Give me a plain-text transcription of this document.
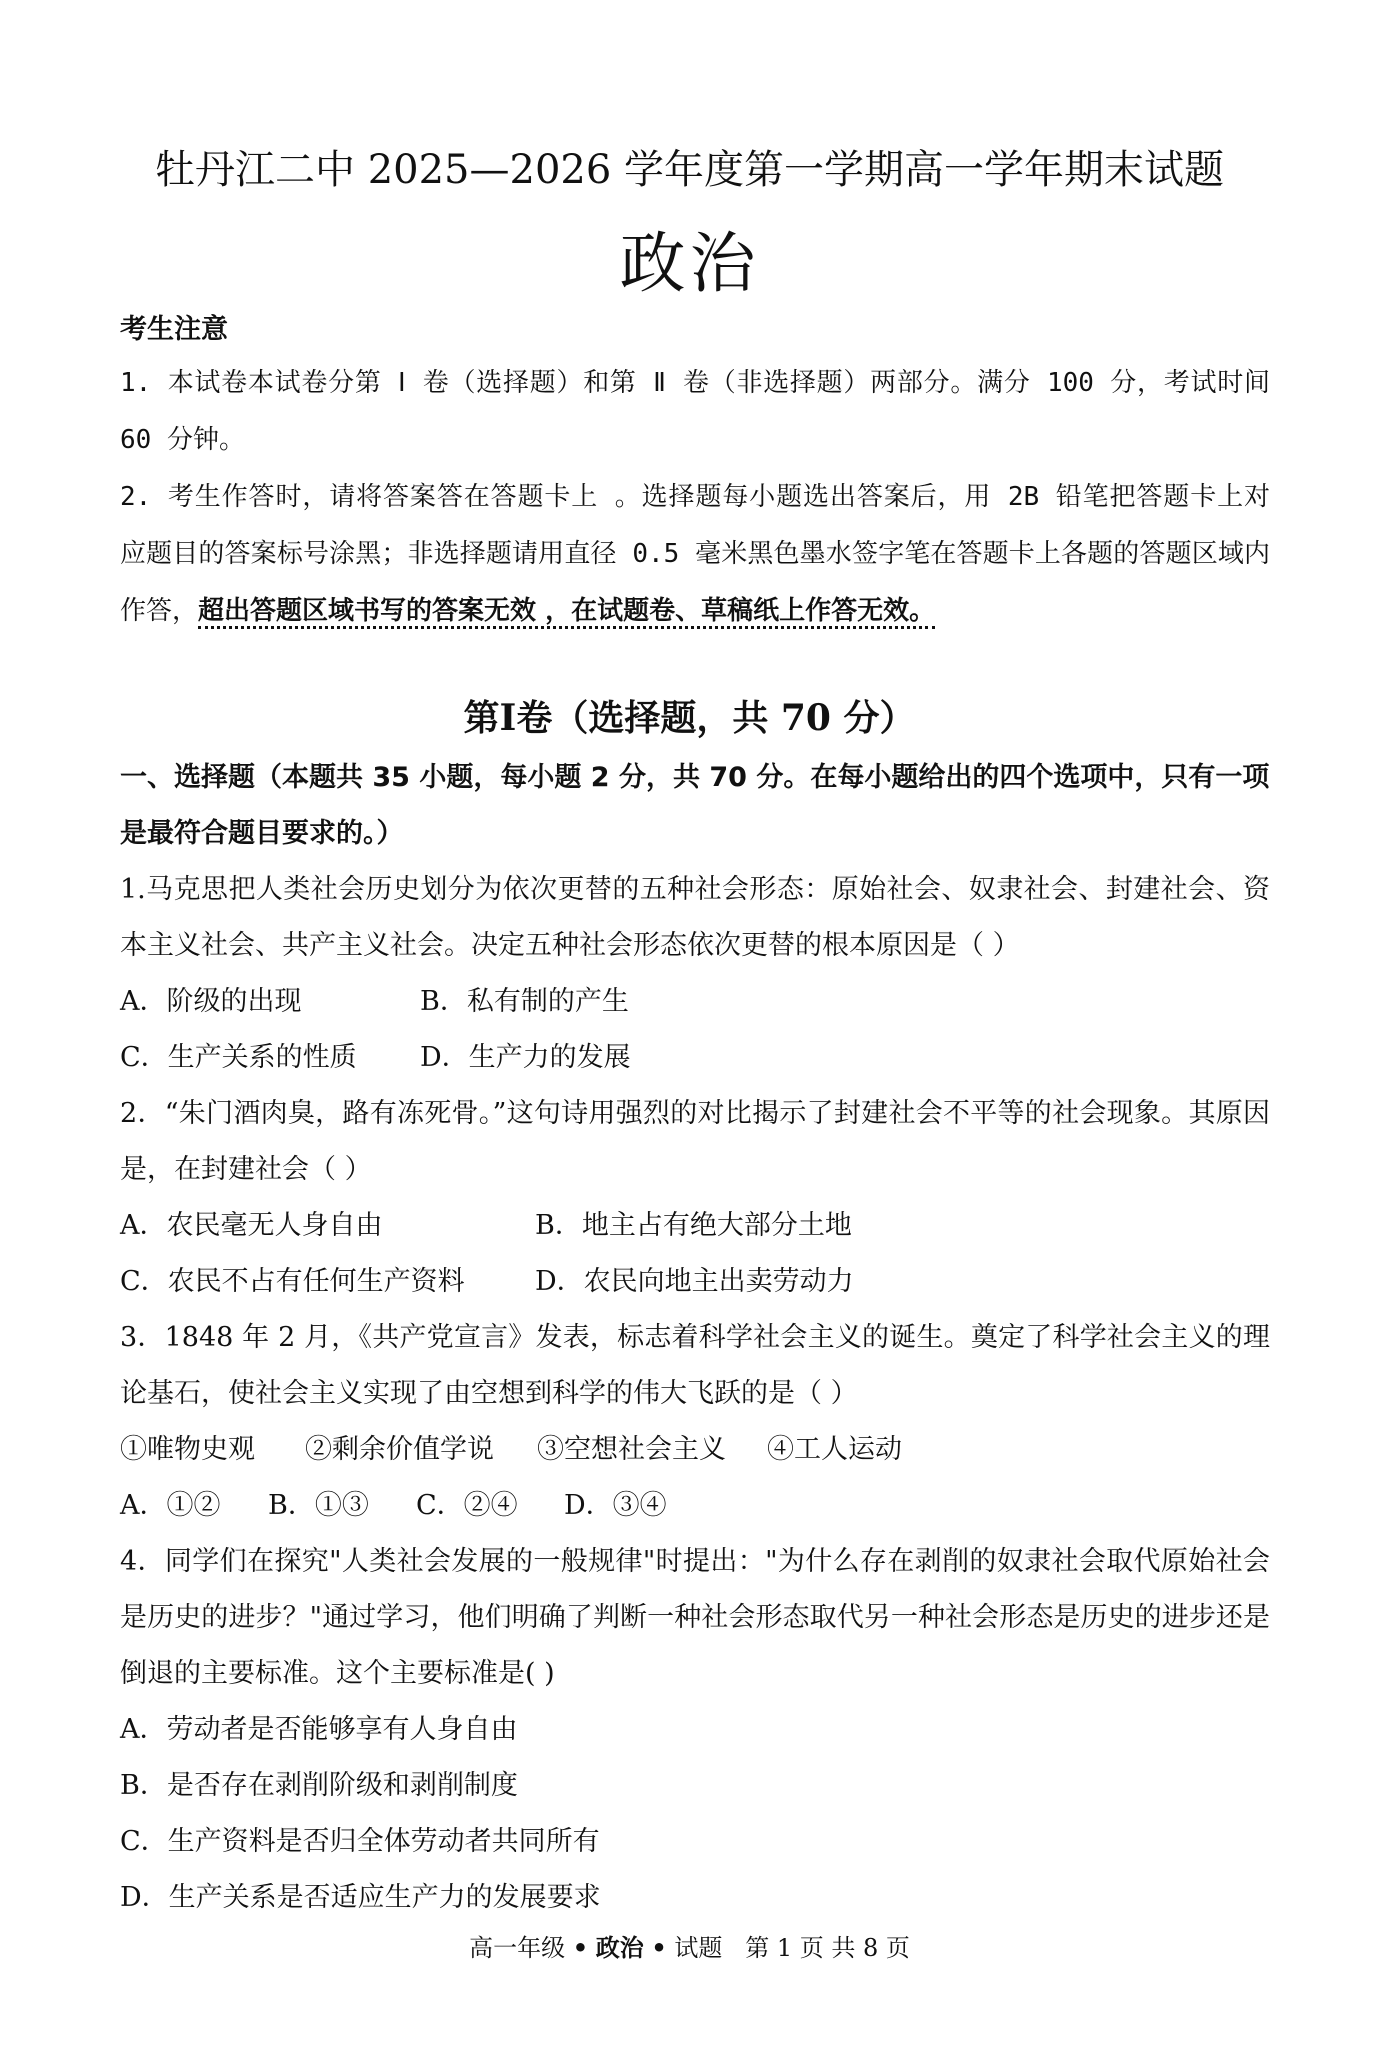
牡丹江二中 2025—2026 学年度第一学期高一学年期末试题
政治

考生注意

1. 本试卷本试卷分第 Ⅰ 卷（选择题）和第 Ⅱ 卷（非选择题）两部分。满分 100 分，考试时间 60 分钟。

2. 考生作答时，请将答案答在答题卡上 。选择题每小题选出答案后，用 2B 铅笔把答题卡上对 应题目的答案标号涂黑；非选择题请用直径 0.5 毫米黑色墨水签字笔在答题卡上各题的答题区域内作答，超出答题区域书写的答案无效 ，在试题卷、草稿纸上作答无效。

第Ⅰ卷（选择题，共 70 分）

一、选择题（本题共 35 小题，每小题 2 分，共 70 分。在每小题给出的四个选项中，只有一项是最符合题目要求的。）

1.马克思把人类社会历史划分为依次更替的五种社会形态：原始社会、奴隶社会、封建社会、资本主义社会、共产主义社会。决定五种社会形态依次更替的根本原因是（ ）

A．阶级的出现	B．私有制的产生

C．生产关系的性质 D．生产力的发展

2．“朱门酒肉臭，路有冻死骨。”这句诗用强烈的对比揭示了封建社会不平等的社会现象。其原因是，在封建社会（ ）

A．农民毫无人身自由	B．地主占有绝大部分土地

C．农民不占有任何生产资料	D．农民向地主出卖劳动力

3．1848 年 2 月，《共产党宣言》发表，标志着科学社会主义的诞生。奠定了科学社会主义的理论基石，使社会主义实现了由空想到科学的伟大飞跃的是（ ）

①唯物史观 ②剩余价值学说 ③空想社会主义 ④工人运动

A．①② B．①③ C．②④ D．③④

4．同学们在探究"人类社会发展的一般规律"时提出："为什么存在剥削的奴隶社会取代原始社会是历史的进步？"通过学习，他们明确了判断一种社会形态取代另一种社会形态是历史的进步还是倒退的主要标准。这个主要标准是( )

A．劳动者是否能够享有人身自由

B．是否存在剥削阶级和剥削制度

C．生产资料是否归全体劳动者共同所有

D．生产关系是否适应生产力的发展要求

高一年级 • 政治 • 试题 第 1 页 共 8 页
